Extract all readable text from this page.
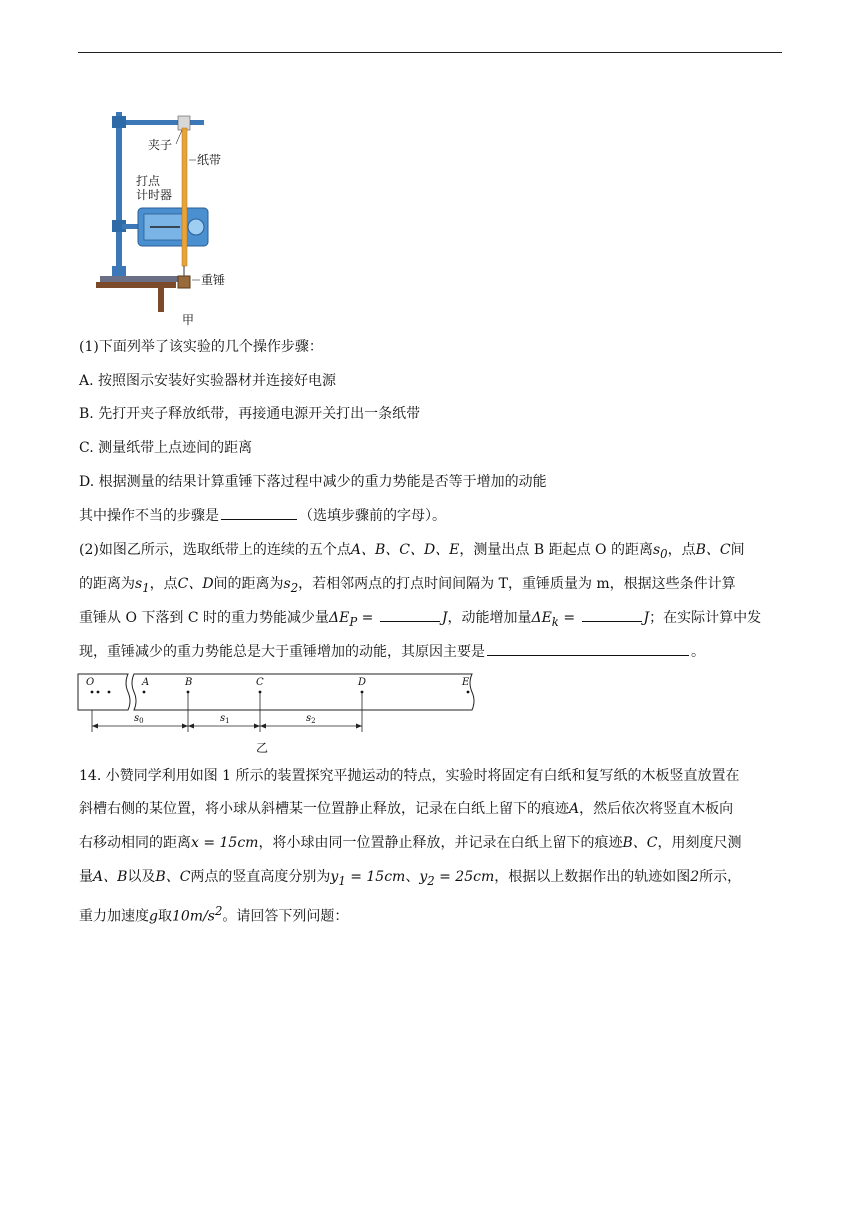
夹子
纸带
打点
计时器
重锤
甲
(1)下面列举了该实验的几个操作步骤：
A. 按照图示安装好实验器材并连接好电源
B. 先打开夹子释放纸带，再接通电源开关打出一条纸带
C. 测量纸带上点迹间的距离
D. 根据测量的结果计算重锤下落过程中减少的重力势能是否等于增加的动能
其中操作不当的步骤是	（选填步骤前的字母）。
(2)如图乙所示，选取纸带上的连续的五个点A、B、C、D、E，测量出点 B 距起点 O 的距离$s_0$，点B、C间
的距离为$s_1$，点C、D间的距离为$s_2$，若相邻两点的打点时间间隔为 T，重锤质量为 m，根据这些条件计算
重锤从 O 下落到 C 时的重力势能减少量$\Delta E_P$ =	J，动能增加量$\Delta E_k$ =	J；在实际计算中发
现，重锤减少的重力势能总是大于重锤增加的动能，其原因主要是	。
O	A	B	C	D	E
$s_0$	$s_1$	$s_2$
乙
14. 小赞同学利用如图 1 所示的装置探究平抛运动的特点，实验时将固定有白纸和复写纸的木板竖直放置在
斜槽右侧的某位置，将小球从斜槽某一位置静止释放，记录在白纸上留下的痕迹A，然后依次将竖直木板向
右移动相同的距离x = 15cm，将小球由同一位置静止释放，并记录在白纸上留下的痕迹B、C，用刻度尺测
量A、B以及B、C两点的竖直高度分别为$y_1 = 15cm$、$y_2 = 25cm$，根据以上数据作出的轨迹如图2所示，
重力加速度g取$10m/s^2$。请回答下列问题：
